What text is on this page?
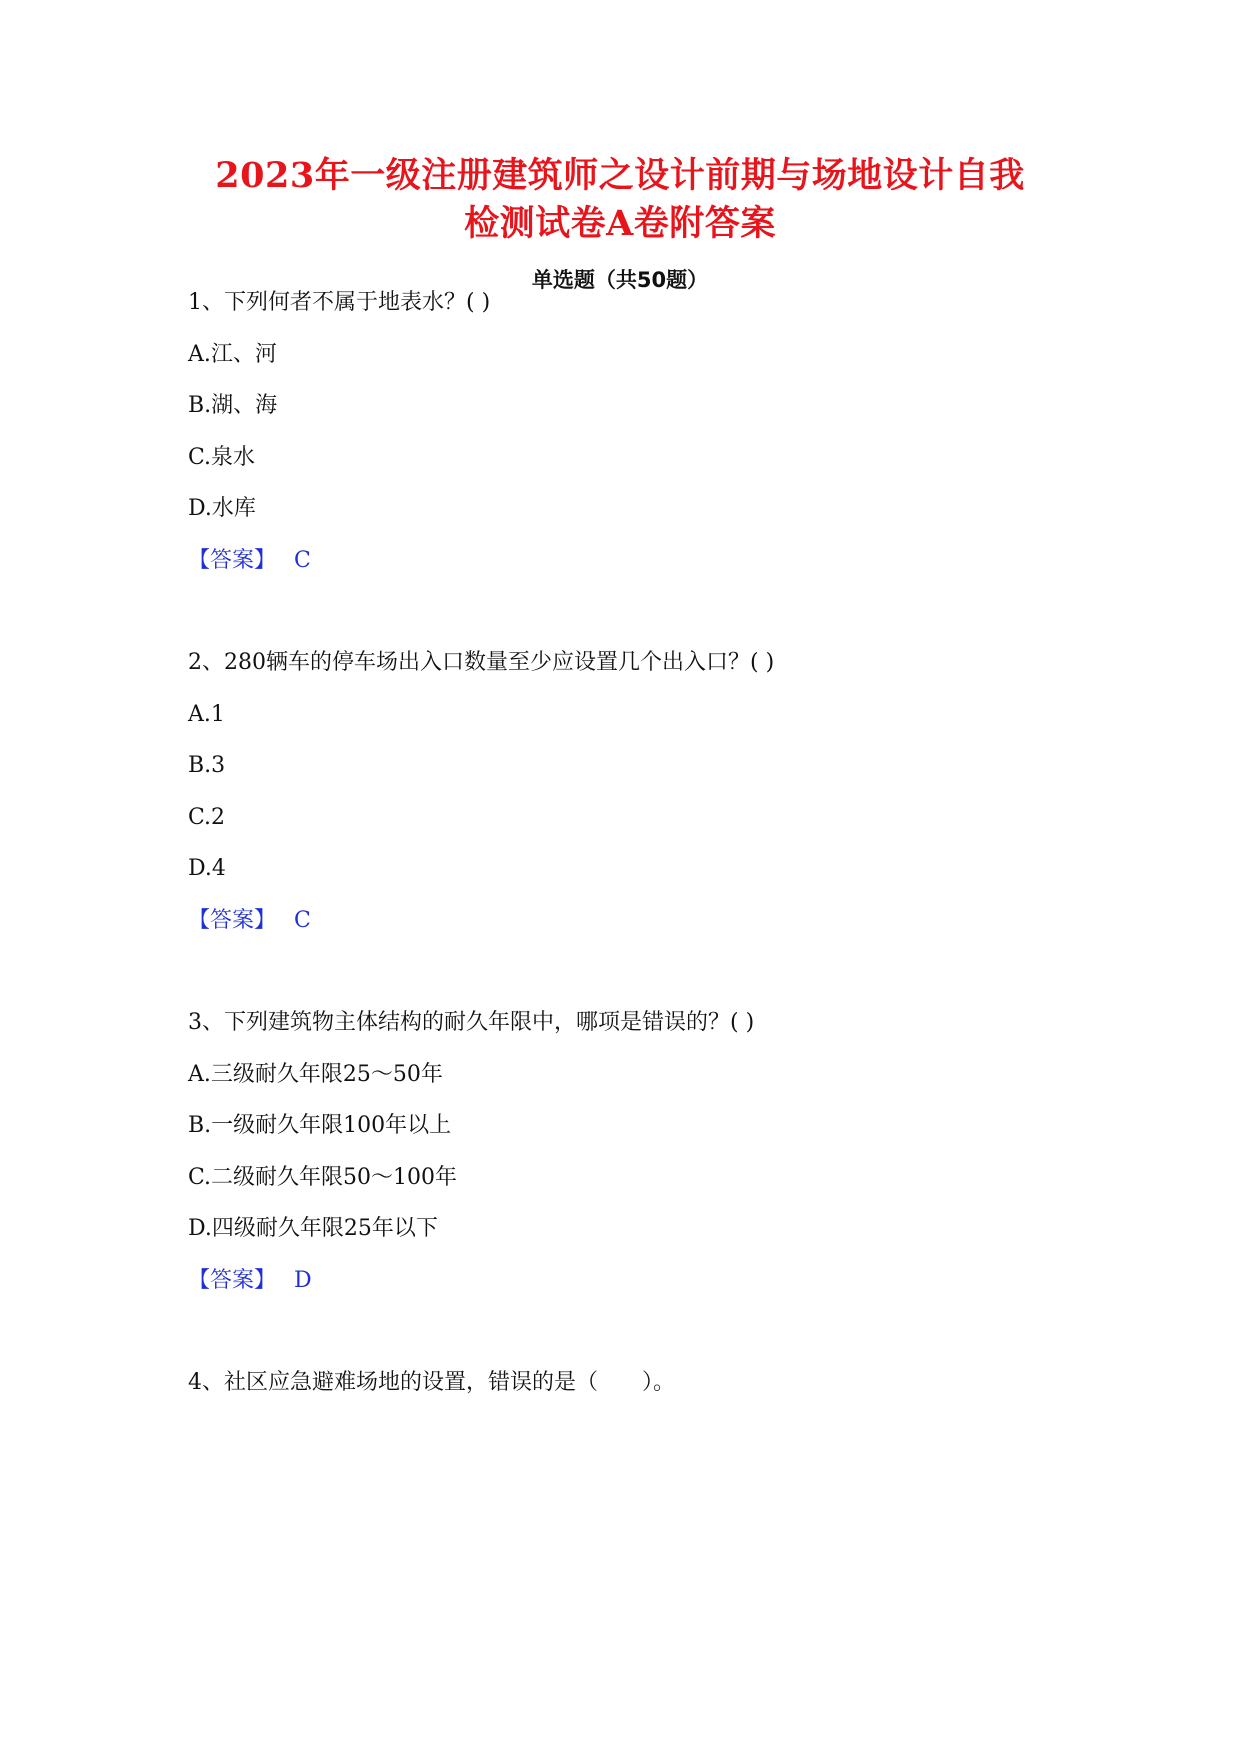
2023年一级注册建筑师之设计前期与场地设计自我
检测试卷A卷附答案
单选题（共50题）
1、下列何者不属于地表水？( )
A.江、河
B.湖、海
C.泉水
D.水库
【答案】 C
2、280辆车的停车场出入口数量至少应设置几个出入口？( )
A.1
B.3
C.2
D.4
【答案】 C
3、下列建筑物主体结构的耐久年限中，哪项是错误的？( )
A.三级耐久年限25～50年
B.一级耐久年限100年以上
C.二级耐久年限50～100年
D.四级耐久年限25年以下
【答案】 D
4、社区应急避难场地的设置，错误的是（　　）。
